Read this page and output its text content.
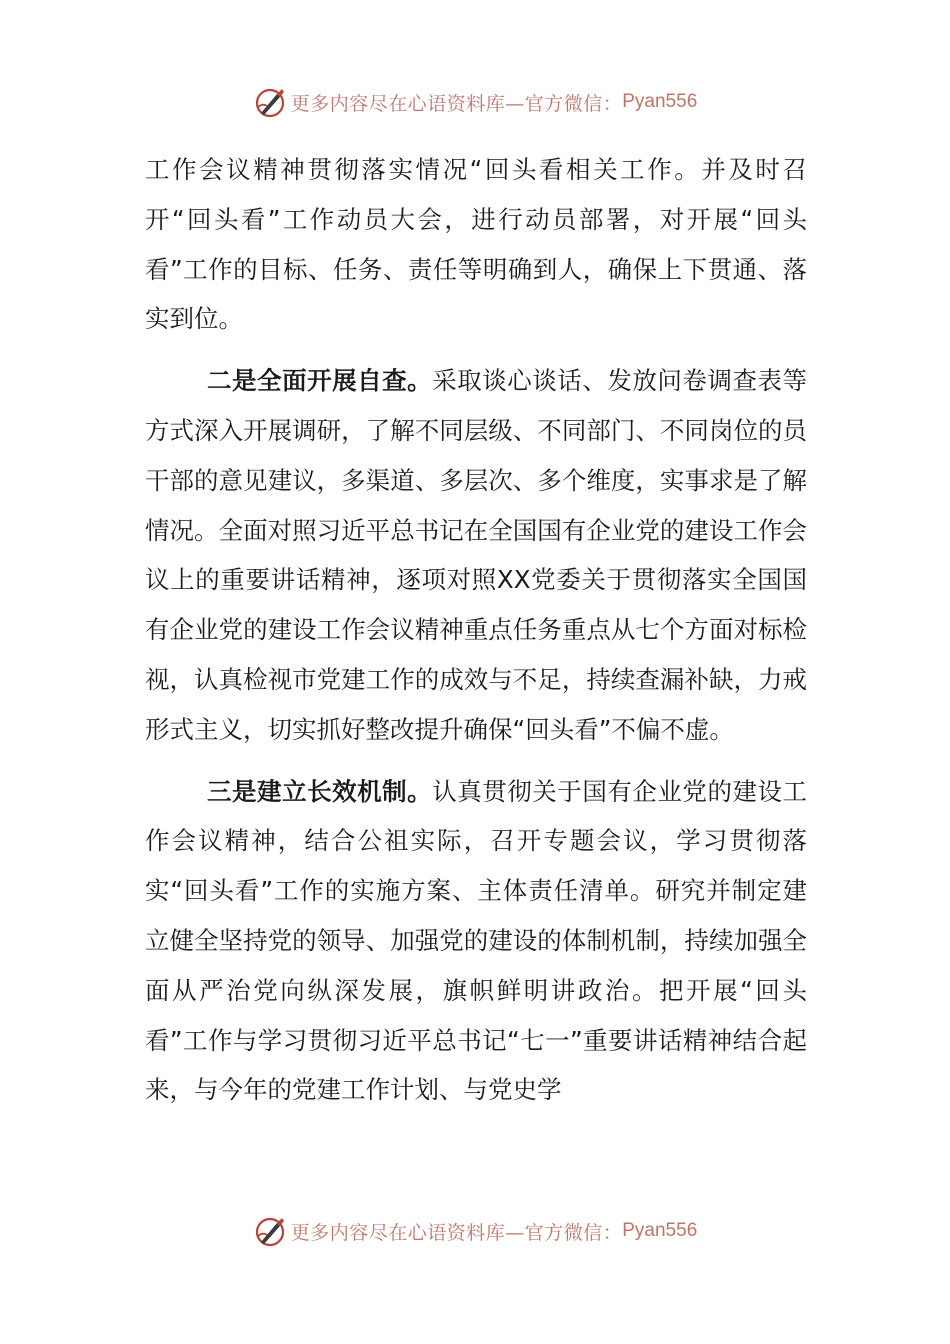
更多内容尽在心语资料库—官方微信： Pyan556

工作会议精神贯彻落实情况“回头看相关工作。并及时召开“回头看”工作动员大会，进行动员部署，对开展“回头看”工作的目标、任务、责任等明确到人，确保上下贯通、落实到位。

二是全面开展自查。采取谈心谈话、发放问卷调查表等方式深入开展调研，了解不同层级、不同部门、不同岗位的员干部的意见建议，多渠道、多层次、多个维度，实事求是了解情况。全面对照习近平总书记在全国国有企业党的建设工作会议上的重要讲话精神，逐项对照XX党委关于贯彻落实全国国有企业党的建设工作会议精神重点任务重点从七个方面对标检视，认真检视市党建工作的成效与不足，持续查漏补缺，力戒形式主义，切实抓好整改提升确保“回头看”不偏不虚。

三是建立长效机制。认真贯彻关于国有企业党的建设工作会议精神，结合公祖实际，召开专题会议，学习贯彻落实“回头看”工作的实施方案、主体责任清单。研究并制定建立健全坚持党的领导、加强党的建设的体制机制，持续加强全面从严治党向纵深发展，旗帜鲜明讲政治。把开展“回头看”工作与学习贯彻习近平总书记“七一”重要讲话精神结合起来，与今年的党建工作计划、与党史学

更多内容尽在心语资料库—官方微信： Pyan556
